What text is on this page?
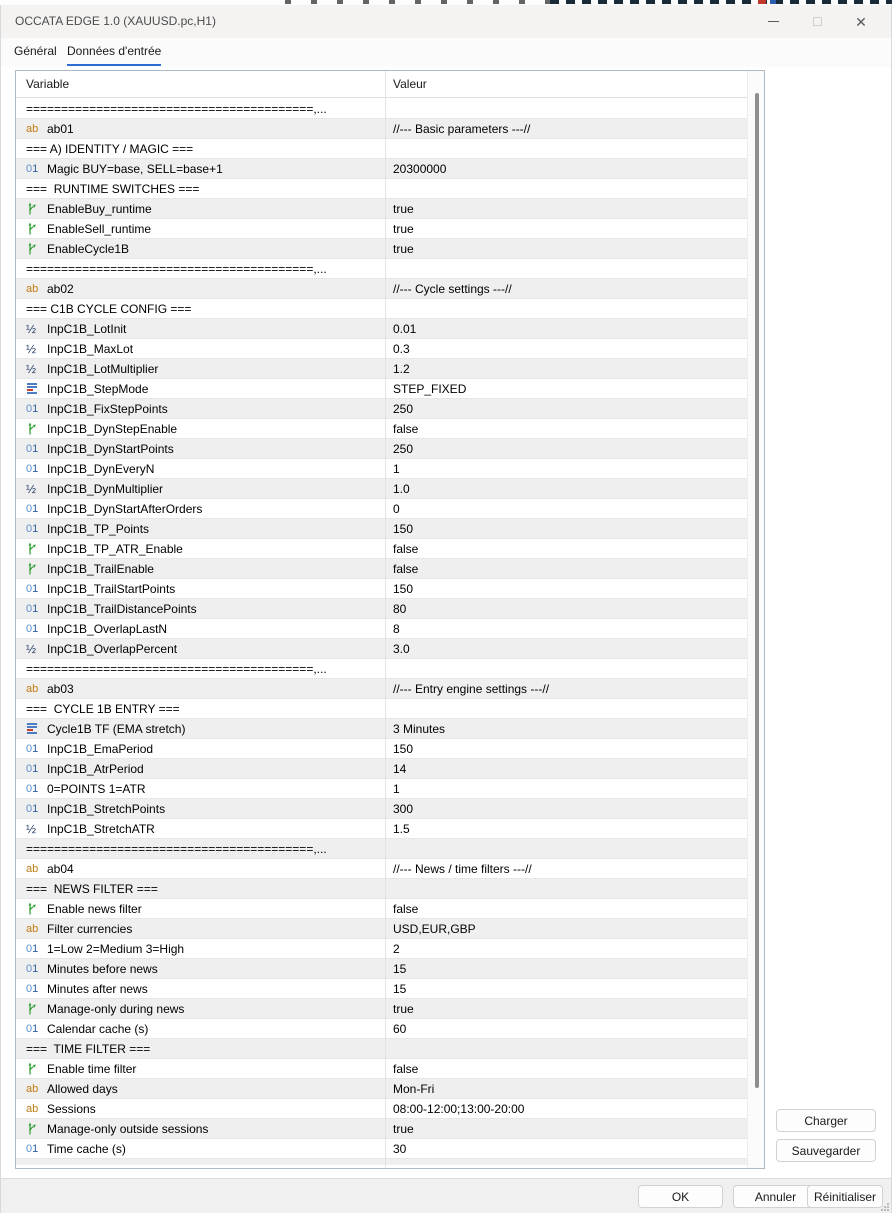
OCCATA EDGE 1.0 (XAUUSD.pc,H1)	✕
Général Données d'entrée
Variable	Valeur
=========================================,...
ab ab01	//--- Basic parameters ---//
=== A) IDENTITY / MAGIC ===
0 1 Magic BUY=base, SELL=base+1	20300000
===  RUNTIME SWITCHES ===
EnableBuy_runtime	true
EnableSell_runtime	true
EnableCycle1B	true
=========================================,...
ab ab02	//--- Cycle settings ---//
=== C1B CYCLE CONFIG ===
½ InpC1B_LotInit	0.01
½ InpC1B_MaxLot	0.3
½ InpC1B_LotMultiplier	1.2
InpC1B_StepMode	STEP_FIXED
0 1 InpC1B_FixStepPoints	250
InpC1B_DynStepEnable	false
0 1 InpC1B_DynStartPoints	250
0 1 InpC1B_DynEveryN	1
½ InpC1B_DynMultiplier	1.0
0 1 InpC1B_DynStartAfterOrders	0
0 1 InpC1B_TP_Points	150
InpC1B_TP_ATR_Enable	false
InpC1B_TrailEnable	false
0 1 InpC1B_TrailStartPoints	150
0 1 InpC1B_TrailDistancePoints	80
0 1 InpC1B_OverlapLastN	8
½ InpC1B_OverlapPercent	3.0
=========================================,...
ab ab03	//--- Entry engine settings ---//
===  CYCLE 1B ENTRY ===
Cycle1B TF (EMA stretch)	3 Minutes
0 1 InpC1B_EmaPeriod	150
0 1 InpC1B_AtrPeriod	14
0 1 0=POINTS 1=ATR	1
0 1 InpC1B_StretchPoints	300
½ InpC1B_StretchATR	1.5
=========================================,...
ab ab04	//--- News / time filters ---//
===  NEWS FILTER ===
Enable news filter	false
ab Filter currencies	USD,EUR,GBP
0 1 1=Low 2=Medium 3=High	2
0 1 Minutes before news	15
0 1 Minutes after news	15
Manage-only during news	true
0 1 Calendar cache (s)	60
===  TIME FILTER ===
Enable time filter	false
ab Allowed days	Mon-Fri
ab Sessions	08:00-12:00;13:00-20:00
Manage-only outside sessions	true
0 1 Time cache (s)	30
Charger
Sauvegarder
OK	Annuler	Réinitialiser
